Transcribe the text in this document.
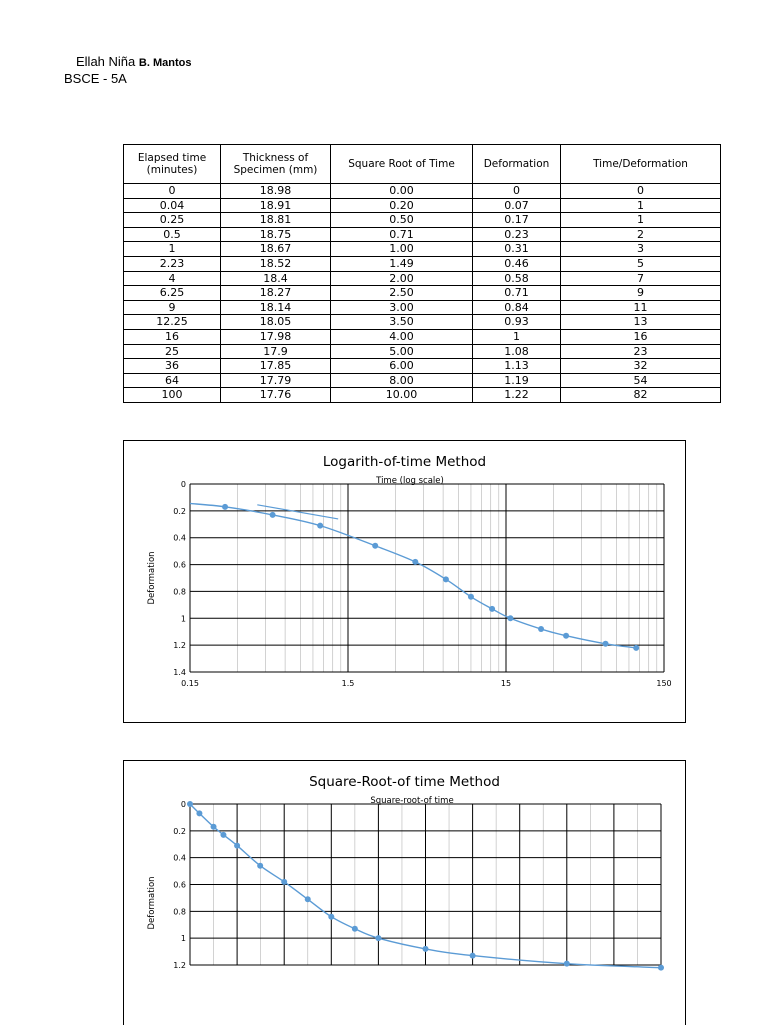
Ellah Niña B. Mantos
BSCE - 5A
Elapsed time (minutes)	Thickness of Specimen (mm)	Square Root of Time	Deformation	Time/Deformation
0	18.98	0.00	0	0
0.04	18.91	0.20	0.07	1
0.25	18.81	0.50	0.17	1
0.5	18.75	0.71	0.23	2
1	18.67	1.00	0.31	3
2.23	18.52	1.49	0.46	5
4	18.4	2.00	0.58	7
6.25	18.27	2.50	0.71	9
9	18.14	3.00	0.84	11
12.25	18.05	3.50	0.93	13
16	17.98	4.00	1	16
25	17.9	5.00	1.08	23
36	17.85	6.00	1.13	32
64	17.79	8.00	1.19	54
100	17.76	10.00	1.22	82
Logarith-of-time Method
Time (log scale)
Deformation
0
0.2
0.4
0.6
0.8
1
1.2
1.4
0.15	1.5	15	150
Square-Root-of time Method
Square-root-of time
Deformation
0
0.2
0.4
0.6
0.8
1
1.2
